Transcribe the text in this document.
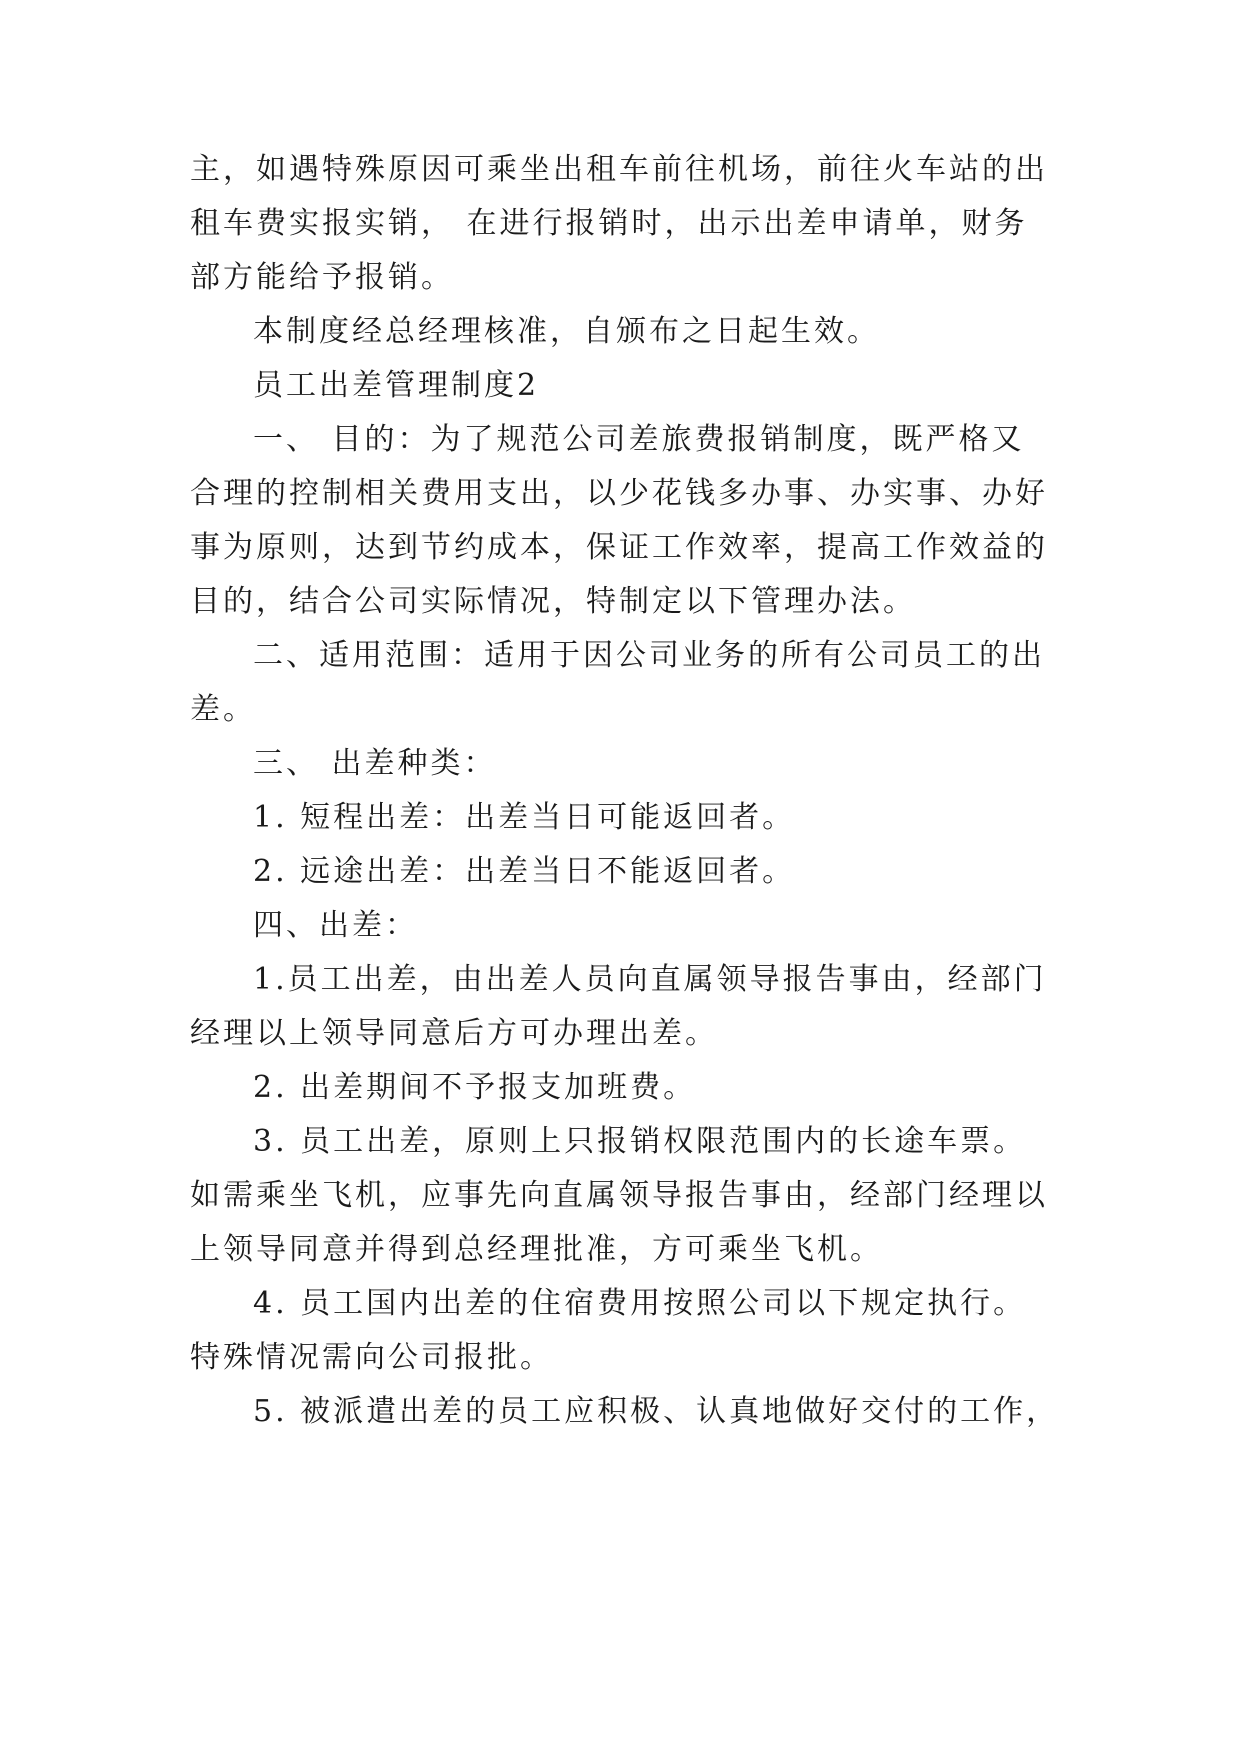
主，如遇特殊原因可乘坐出租车前往机场，前往火车站的出
租车费实报实销， 在进行报销时，出示出差申请单，财务
部方能给予报销。
本制度经总经理核准，自颁布之日起生效。
员工出差管理制度2
一、 目的：为了规范公司差旅费报销制度，既严格又
合理的控制相关费用支出，以少花钱多办事、办实事、办好
事为原则，达到节约成本，保证工作效率，提高工作效益的
目的，结合公司实际情况，特制定以下管理办法。
二、适用范围：适用于因公司业务的所有公司员工的出
差。
三、 出差种类：
1. 短程出差：出差当日可能返回者。
2. 远途出差：出差当日不能返回者。
四、出差：
1.员工出差，由出差人员向直属领导报告事由，经部门
经理以上领导同意后方可办理出差。
2. 出差期间不予报支加班费。
3. 员工出差，原则上只报销权限范围内的长途车票。
如需乘坐飞机，应事先向直属领导报告事由，经部门经理以
上领导同意并得到总经理批准，方可乘坐飞机。
4. 员工国内出差的住宿费用按照公司以下规定执行。
特殊情况需向公司报批。
5. 被派遣出差的员工应积极、认真地做好交付的工作，
